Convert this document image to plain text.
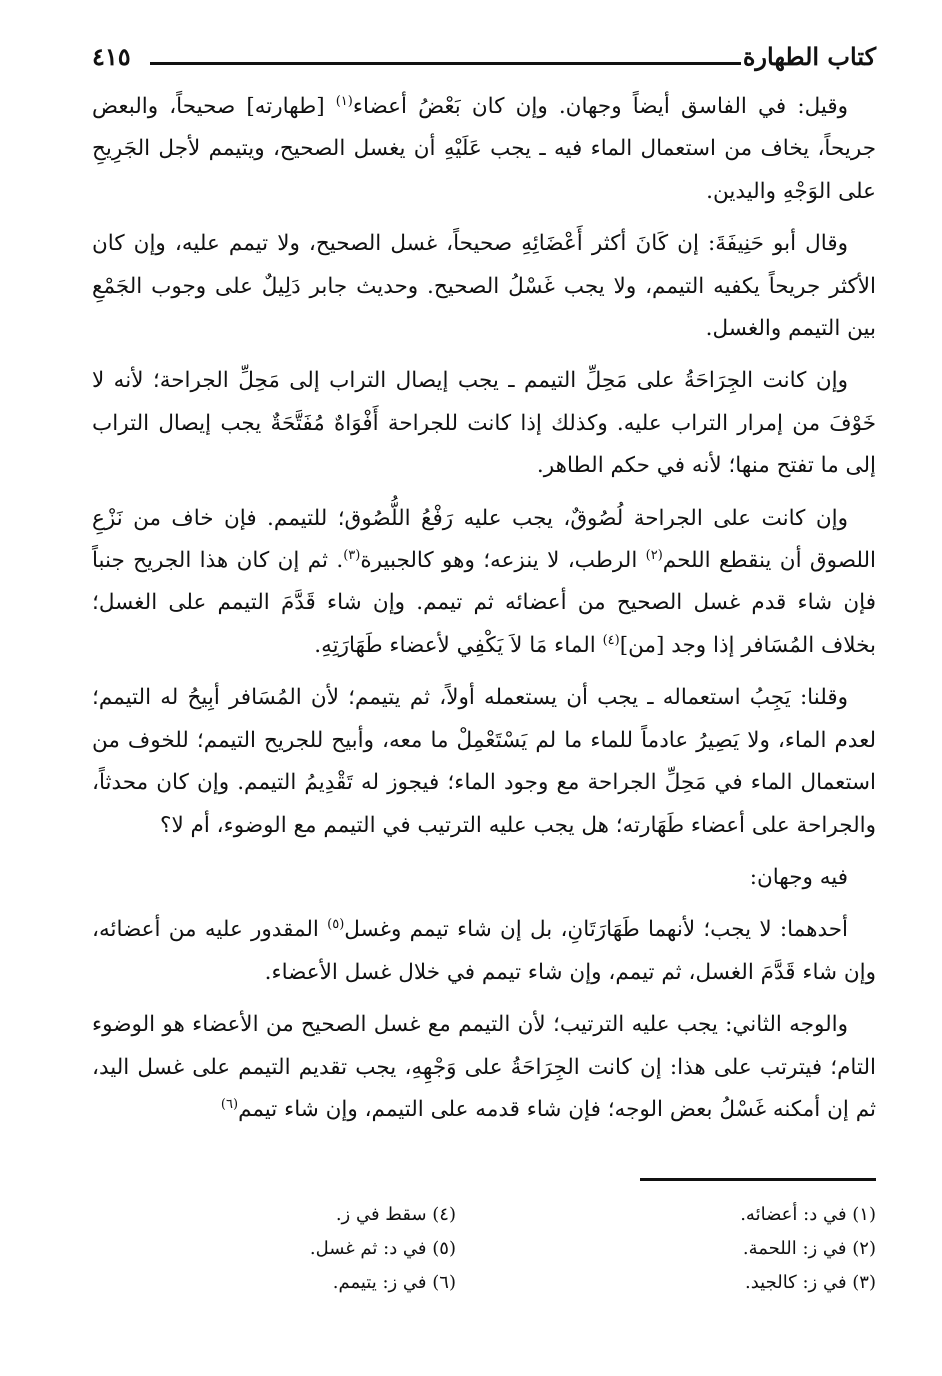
كتاب الطهارة
٤١٥

وقيل: في الفاسق أيضاً وجهان. وإن كان بَعْضُ أعضاء$^{(١)}$ [طهارته] صحيحاً، والبعض جريحاً، يخاف من استعمال الماء فيه ـ يجب عَلَيْهِ أن يغسل الصحيح، ويتيمم لأجل الجَرِيحِ على الوَجْهِ واليدين.

وقال أبو حَنِيفَةَ: إن كَانَ أكثر أَعْضَائِهِ صحيحاً، غسل الصحيح، ولا تيمم عليه، وإن كان الأكثر جريحاً يكفيه التيمم، ولا يجب غَسْلُ الصحيح. وحديث جابر دَلِيلٌ على وجوب الجَمْعِ بين التيمم والغسل.

وإن كانت الجِرَاحَةُ على مَحِلِّ التيمم ـ يجب إيصال التراب إلى مَحِلِّ الجراحة؛ لأنه لا خَوْفَ من إمرار التراب عليه. وكذلك إذا كانت للجراحة أَفْوَاهٌ مُفَتَّحَةٌ يجب إيصال التراب إلى ما تفتح منها؛ لأنه في حكم الطاهر.

وإن كانت على الجراحة لُصُوقٌ، يجب عليه رَفْعُ اللُّصُوق؛ للتيمم. فإن خاف من نَزْعِ اللصوق أن ينقطع اللحم$^{(٢)}$ الرطب، لا ينزعه؛ وهو كالجبيرة$^{(٣)}$. ثم إن كان هذا الجريح جنباً فإن شاء قدم غسل الصحيح من أعضائه ثم تيمم. وإن شاء قَدَّمَ التيمم على الغسل؛ بخلاف المُسَافر إذا وجد [من]$^{(٤)}$ الماء مَا لاَ يَكْفِي لأعضاء طَهَارَتِهِ.

وقلنا: يَجِبُ استعماله ـ يجب أن يستعمله أولاً، ثم يتيمم؛ لأن المُسَافر أبِيحُ له التيمم؛ لعدم الماء، ولا يَصِيرُ عادماً للماء ما لم يَسْتَعْمِلْ ما معه، وأبيح للجريح التيمم؛ للخوف من استعمال الماء في مَحِلِّ الجراحة مع وجود الماء؛ فيجوز له تَقْدِيمُ التيمم. وإن كان محدثاً، والجراحة على أعضاء طَهَارته؛ هل يجب عليه الترتيب في التيمم مع الوضوء، أم لا؟

فيه وجهان:

أحدهما: لا يجب؛ لأنهما طَهَارَتَانِ، بل إن شاء تيمم وغسل$^{(٥)}$ المقدور عليه من أعضائه، وإن شاء قَدَّمَ الغسل، ثم تيمم، وإن شاء تيمم في خلال غسل الأعضاء.

والوجه الثاني: يجب عليه الترتيب؛ لأن التيمم مع غسل الصحيح من الأعضاء هو الوضوء التام؛ فيترتب على هذا: إن كانت الجِرَاحَةُ على وَجْهِهِ، يجب تقديم التيمم على غسل اليد، ثم إن أمكنه غَسْلُ بعض الوجه؛ فإن شاء قدمه على التيمم، وإن شاء تيمم$^{(٦)}$

(١) في د: أعضائه.
(٢) في ز: اللحمة.
(٣) في ز: كالجيد.
(٤) سقط في ز.
(٥) في د: ثم غسل.
(٦) في ز: يتيمم.
